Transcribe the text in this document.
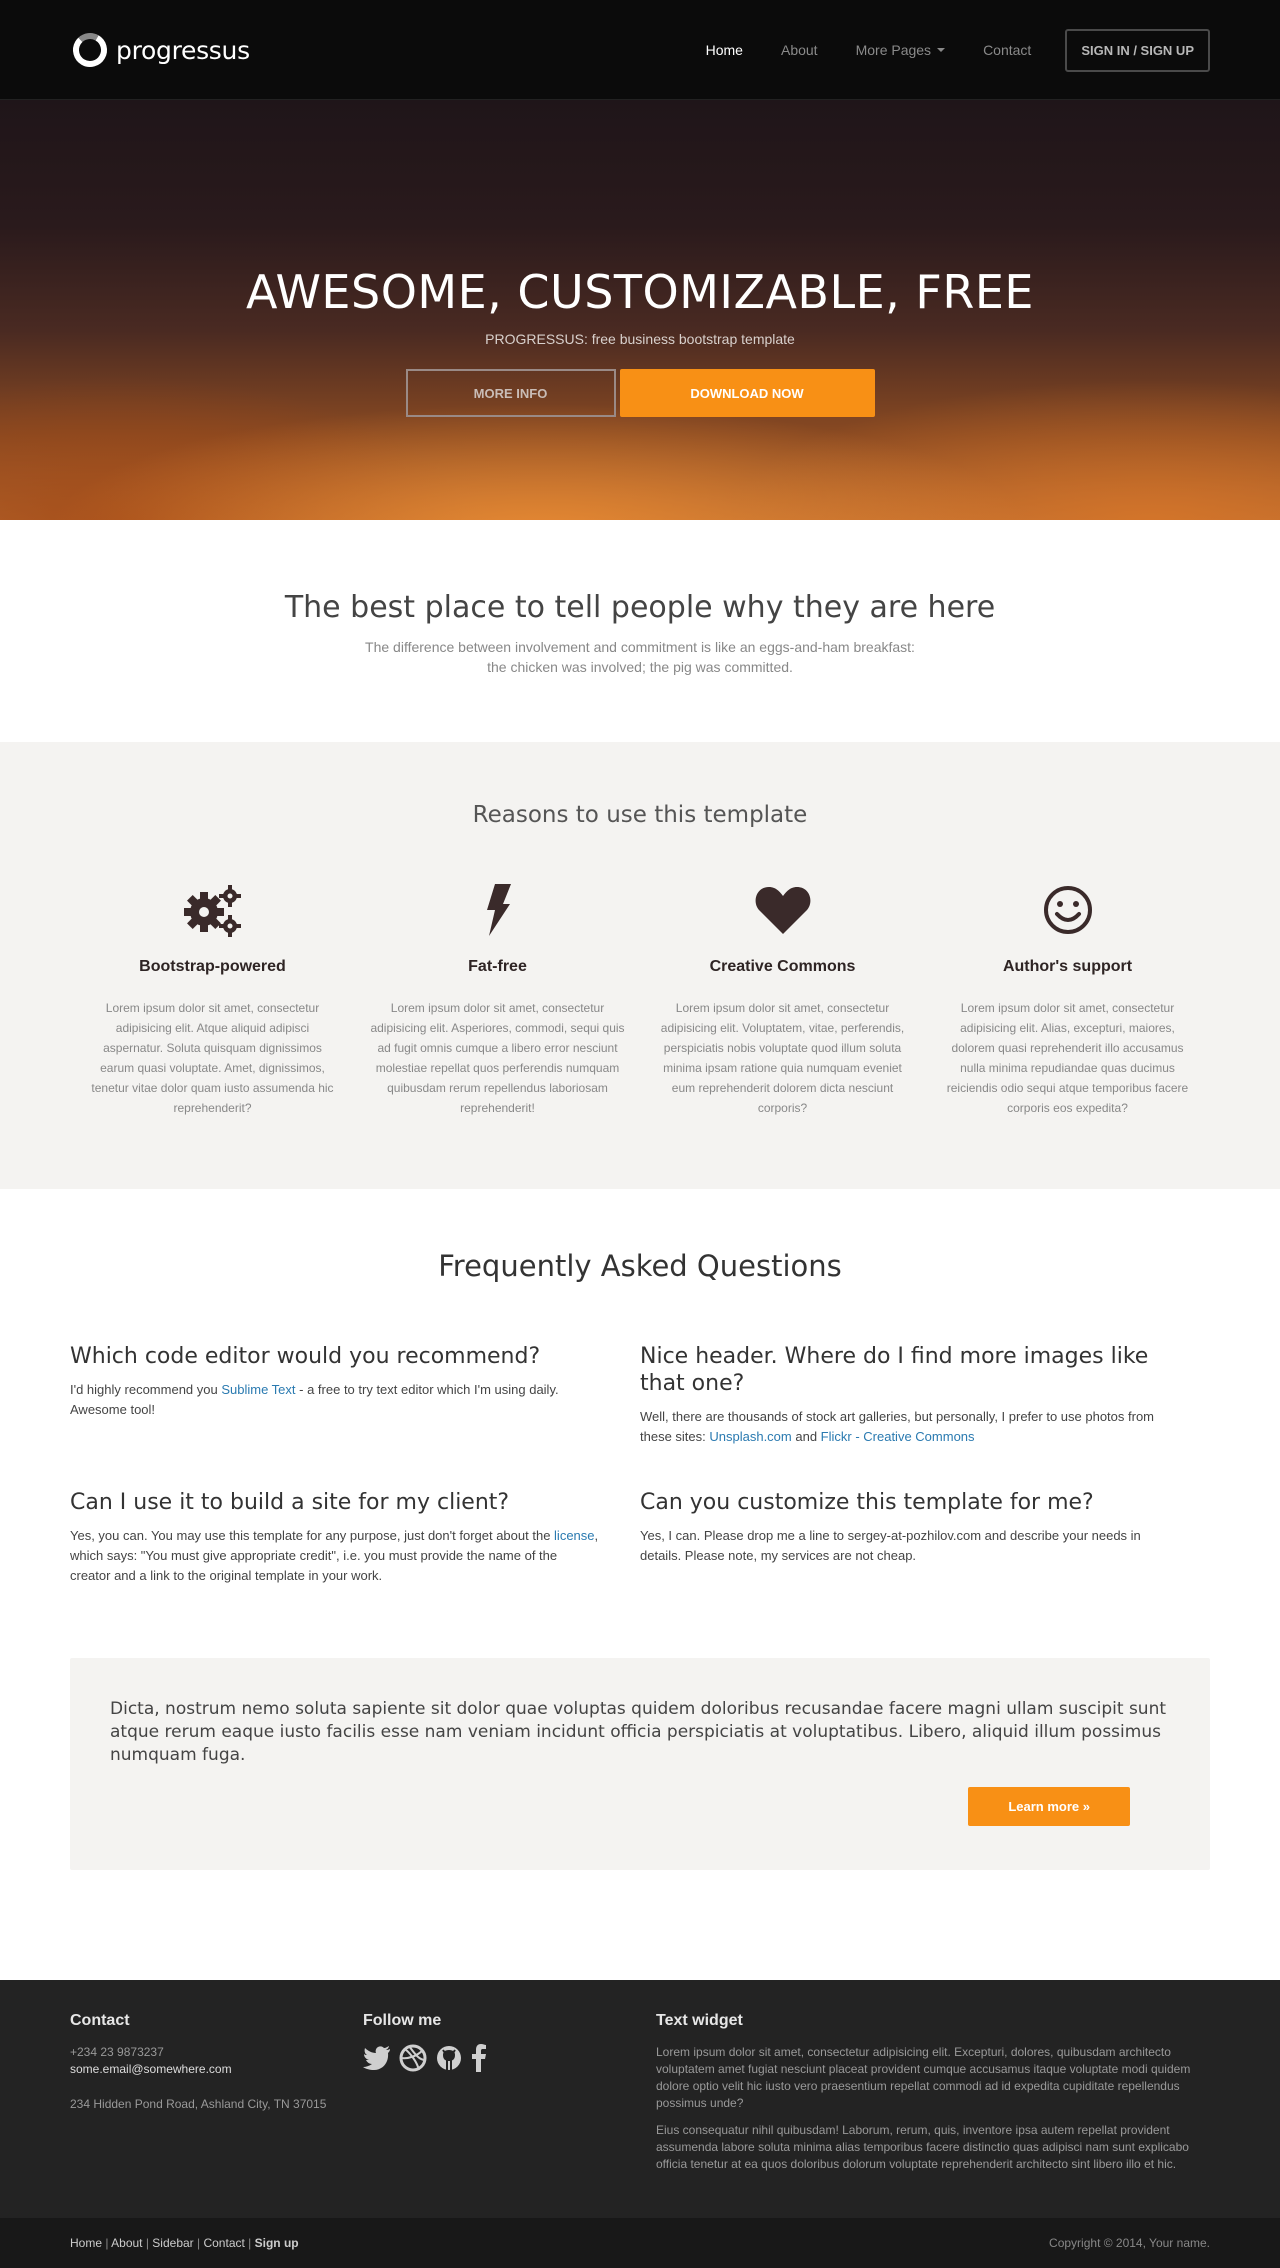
progressus	Home	About	More Pages	Contact	SIGN IN / SIGN UP
AWESOME, CUSTOMIZABLE, FREE

PROGRESSUS: free business bootstrap template

MORE INFO	DOWNLOAD NOW
The best place to tell people why they are here

The difference between involvement and commitment is like an eggs-and-ham breakfast:
the chicken was involved; the pig was committed.

Reasons to use this template
Bootstrap-powered

Lorem ipsum dolor sit amet, consectetur adipisicing elit. Atque aliquid adipisci aspernatur. Soluta quisquam dignissimos earum quasi voluptate. Amet, dignissimos, tenetur vitae dolor quam iusto assumenda hic reprehenderit?

Fat-free

Lorem ipsum dolor sit amet, consectetur adipisicing elit. Asperiores, commodi, sequi quis ad fugit omnis cumque a libero error nesciunt molestiae repellat quos perferendis numquam quibusdam rerum repellendus laboriosam reprehenderit!

Creative Commons

Lorem ipsum dolor sit amet, consectetur adipisicing elit. Voluptatem, vitae, perferendis, perspiciatis nobis voluptate quod illum soluta minima ipsam ratione quia numquam eveniet eum reprehenderit dolorem dicta nesciunt corporis?

Author's support

Lorem ipsum dolor sit amet, consectetur adipisicing elit. Alias, excepturi, maiores, dolorem quasi reprehenderit illo accusamus nulla minima repudiandae quas ducimus reiciendis odio sequi atque temporibus facere corporis eos expedita?

Frequently Asked Questions
Which code editor would you recommend?

I'd highly recommend you Sublime Text - a free to try text editor which I'm using daily. Awesome tool!

Nice header. Where do I find more images like that one?

Well, there are thousands of stock art galleries, but personally, I prefer to use photos from these sites: Unsplash.com and Flickr - Creative Commons

Can I use it to build a site for my client?

Yes, you can. You may use this template for any purpose, just don't forget about the license, which says: "You must give appropriate credit", i.e. you must provide the name of the creator and a link to the original template in your work.

Can you customize this template for me?

Yes, I can. Please drop me a line to sergey-at-pozhilov.com and describe your needs in details. Please note, my services are not cheap.

Dicta, nostrum nemo soluta sapiente sit dolor quae voluptas quidem doloribus recusandae facere magni ullam suscipit sunt atque rerum eaque iusto facilis esse nam veniam incidunt officia perspiciatis at voluptatibus. Libero, aliquid illum possimus numquam fuga.

Learn more »
Contact

+234 23 9873237

some.email@somewhere.com

234 Hidden Pond Road, Ashland City, TN 37015

Follow me	Text widget

Lorem ipsum dolor sit amet, consectetur adipisicing elit. Excepturi, dolores, quibusdam architecto voluptatem amet fugiat nesciunt placeat provident cumque accusamus itaque voluptate modi quidem dolore optio velit hic iusto vero praesentium repellat commodi ad id expedita cupiditate repellendus possimus unde?

Eius consequatur nihil quibusdam! Laborum, rerum, quis, inventore ipsa autem repellat provident assumenda labore soluta minima alias temporibus facere distinctio quas adipisci nam sunt explicabo officia tenetur at ea quos doloribus dolorum voluptate reprehenderit architecto sint libero illo et hic.

Home | About | Sidebar | Contact | Sign up	Copyright © 2014, Your name.
